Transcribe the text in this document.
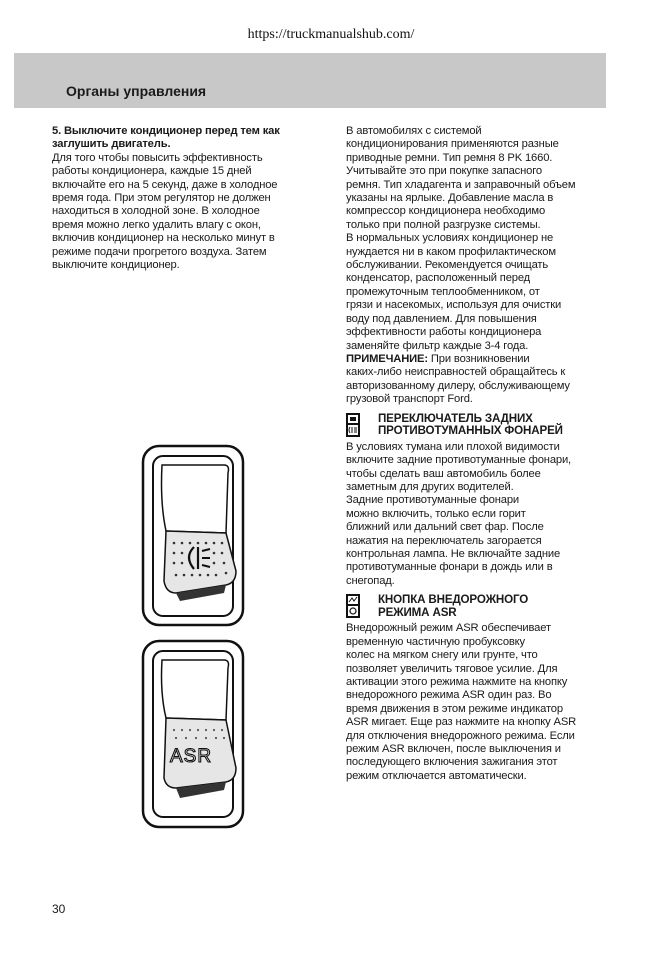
https://truckmanualshub.com/
Органы управления

5. Выключите кондиционер перед тем как

заглушить двигатель.

Для того чтобы повысить эффективность

работы кондиционера, каждые 15 дней

включайте его на 5 секунд, даже в холодное

время года. При этом регулятор не должен

находиться в холодной зоне. В холодное

время можно легко удалить влагу с окон,

включив кондиционер на несколько минут в

режиме подачи прогретого воздуха. Затем

выключите кондиционер.

В автомобилях с системой

кондиционирования применяются разные

приводные ремни. Тип ремня 8 PK 1660.

Учитывайте это при покупке запасного

ремня. Тип хладагента и заправочный объем

указаны на ярлыке. Добавление масла в

компрессор кондиционера необходимо

только при полной разгрузке системы.

В нормальных условиях кондиционер не

нуждается ни в каком профилактическом

обслуживании. Рекомендуется очищать

конденсатор, расположенный перед

промежуточным теплообменником, от

грязи и насекомых, используя для очистки

воду под давлением. Для повышения

эффективности работы кондиционера

заменяйте фильтр каждые 3-4 года.

ПРИМЕЧАНИЕ: При возникновении

каких-либо неисправностей обращайтесь к

авторизованному дилеру, обслуживающему

грузовой транспорт Ford.

ПЕРЕКЛЮЧАТЕЛЬ ЗАДНИХ
ПРОТИВОТУМАННЫХ ФОНАРЕЙ

В условиях тумана или плохой видимости

включите задние противотуманные фонари,

чтобы сделать ваш автомобиль более

заметным для других водителей.

Задние противотуманные фонари

можно включить, только если горит

ближний или дальний свет фар. После

нажатия на переключатель загорается

контрольная лампа. Не включайте задние

противотуманные фонари в дождь или в

снегопад.

КНОПКА ВНЕДОРОЖНОГО
РЕЖИМА ASR

Внедорожный режим ASR обеспечивает

временную частичную пробуксовку

колес на мягком снегу или грунте, что

позволяет увеличить тяговое усилие. Для

активации этого режима нажмите на кнопку

внедорожного режима ASR один раз. Во

время движения в этом режиме индикатор

ASR мигает. Еще раз нажмите на кнопку ASR

для отключения внедорожного режима. Если

режим ASR включен, после выключения и

последующего включения зажигания этот

режим отключается автоматически.

ASR
30
